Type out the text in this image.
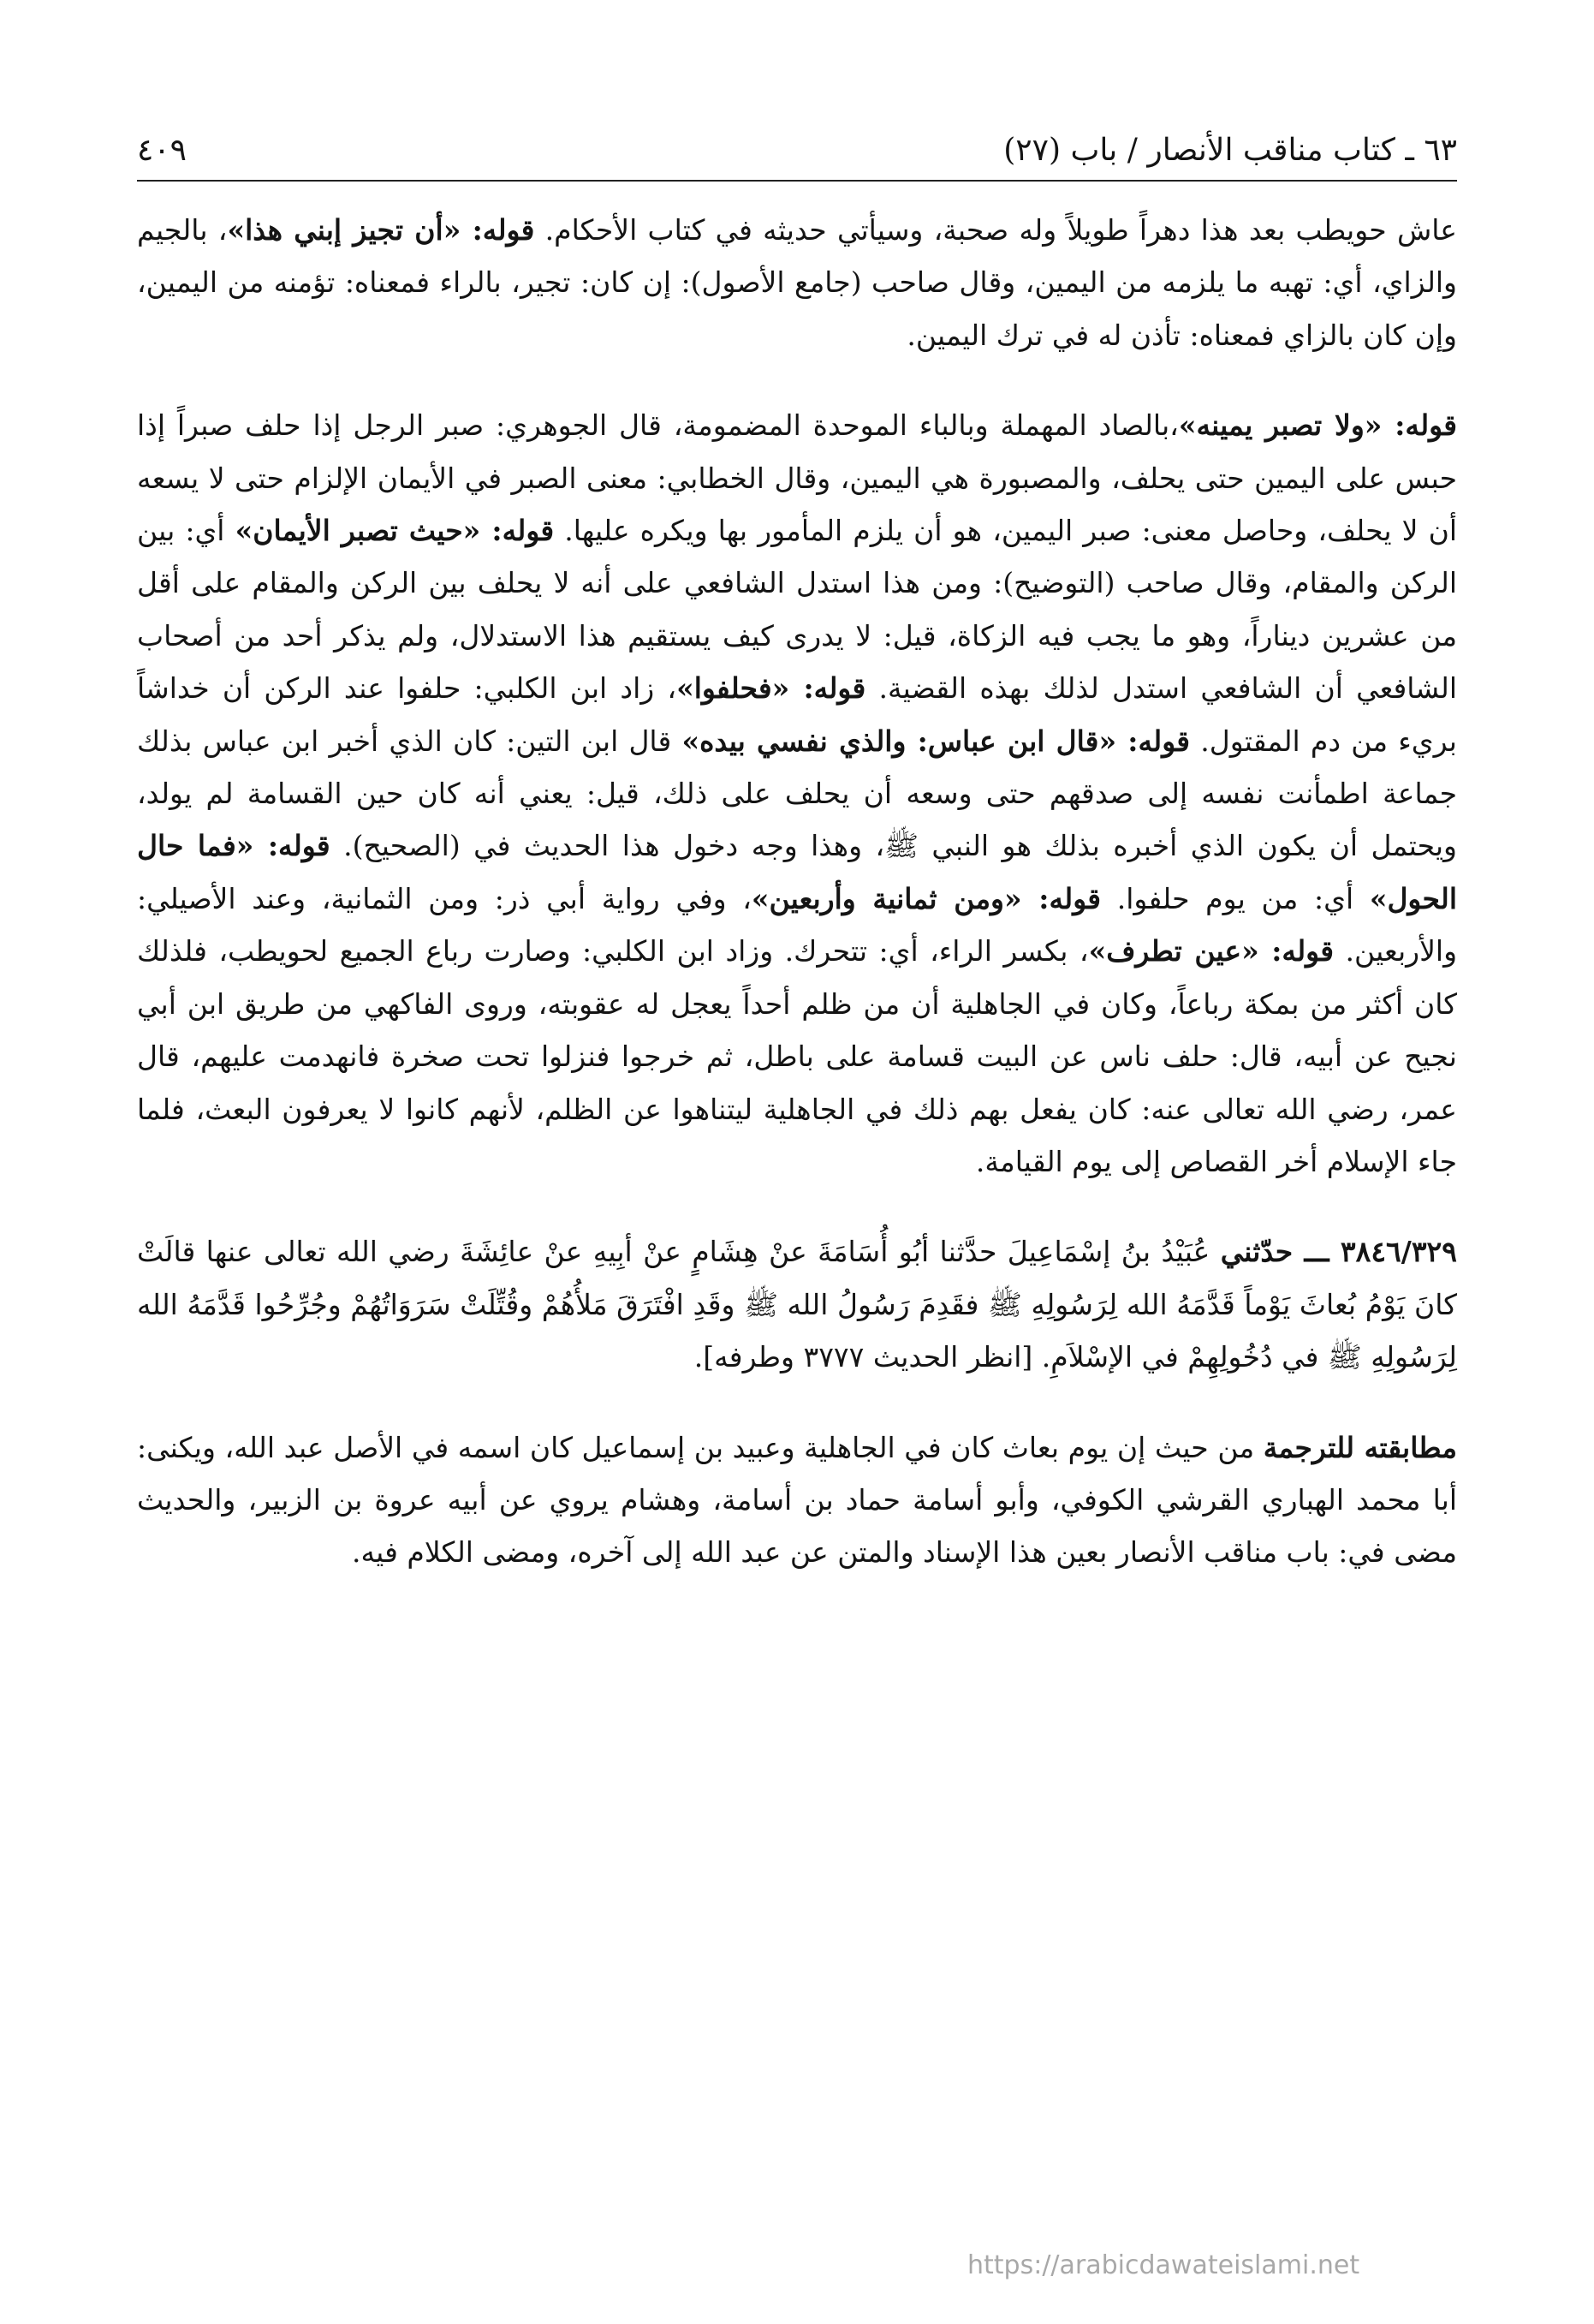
٦٣ ـ كتاب مناقب الأنصار / باب (٢٧)
٤٠٩

عاش حويطب بعد هذا دهراً طويلاً وله صحبة، وسيأتي حديثه في كتاب الأحكام. قوله: «أن تجيز إبني هذا»، بالجيم والزاي، أي: تهبه ما يلزمه من اليمين، وقال صاحب (جامع الأصول): إن كان: تجير، بالراء فمعناه: تؤمنه من اليمين، وإن كان بالزاي فمعناه: تأذن له في ترك اليمين.

قوله: «ولا تصبر يمينه»،بالصاد المهملة وبالباء الموحدة المضمومة، قال الجوهري: صبر الرجل إذا حلف صبراً إذا حبس على اليمين حتى يحلف، والمصبورة هي اليمين، وقال الخطابي: معنى الصبر في الأيمان الإلزام حتى لا يسعه أن لا يحلف، وحاصل معنى: صبر اليمين، هو أن يلزم المأمور بها ويكره عليها. قوله: «حيث تصبر الأيمان» أي: بين الركن والمقام، وقال صاحب (التوضيح): ومن هذا استدل الشافعي على أنه لا يحلف بين الركن والمقام على أقل من عشرين ديناراً، وهو ما يجب فيه الزكاة، قيل: لا يدرى كيف يستقيم هذا الاستدلال، ولم يذكر أحد من أصحاب الشافعي أن الشافعي استدل لذلك بهذه القضية. قوله: «فحلفوا»، زاد ابن الكلبي: حلفوا عند الركن أن خداشاً بريء من دم المقتول. قوله: «قال ابن عباس: والذي نفسي بيده» قال ابن التين: كان الذي أخبر ابن عباس بذلك جماعة اطمأنت نفسه إلى صدقهم حتى وسعه أن يحلف على ذلك، قيل: يعني أنه كان حين القسامة لم يولد، ويحتمل أن يكون الذي أخبره بذلك هو النبي ﷺ، وهذا وجه دخول هذا الحديث في (الصحيح). قوله: «فما حال الحول» أي: من يوم حلفوا. قوله: «ومن ثمانية وأربعين»، وفي رواية أبي ذر: ومن الثمانية، وعند الأصيلي: والأربعين. قوله: «عين تطرف»، بكسر الراء، أي: تتحرك. وزاد ابن الكلبي: وصارت رباع الجميع لحويطب، فلذلك كان أكثر من بمكة رباعاً، وكان في الجاهلية أن من ظلم أحداً يعجل له عقوبته، وروى الفاكهي من طريق ابن أبي نجيح عن أبيه، قال: حلف ناس عن البيت قسامة على باطل، ثم خرجوا فنزلوا تحت صخرة فانهدمت عليهم، قال عمر، رضي الله تعالى عنه: كان يفعل بهم ذلك في الجاهلية ليتناهوا عن الظلم، لأنهم كانوا لا يعرفون البعث، فلما جاء الإسلام أخر القصاص إلى يوم القيامة.

٣٨٤٦/٣٢٩ ـــ حدّثني عُبَيْدُ بنُ إسْمَاعِيلَ حدَّثنا أبُو أُسَامَةَ عنْ هِشَامٍ عنْ أبِيهِ عنْ عائِشَةَ رضي الله تعالى عنها قالَتْ كانَ يَوْمُ بُعاثَ يَوْماً قَدَّمَهُ الله لِرَسُولِهِ ﷺ فقَدِمَ رَسُولُ الله ﷺ وقَدِ افْتَرَقَ مَلأُهُمْ وقُتِّلَتْ سَرَوَاتُهُمْ وجُرِّحُوا قَدَّمَهُ الله لِرَسُولِهِ ﷺ في دُخُولِهِمْ في الإسْلاَمِ. [انظر الحديث ٣٧٧٧ وطرفه].

مطابقته للترجمة من حيث إن يوم بعاث كان في الجاهلية وعبيد بن إسماعيل كان اسمه في الأصل عبد الله، ويكنى: أبا محمد الهباري القرشي الكوفي، وأبو أسامة حماد بن أسامة، وهشام يروي عن أبيه عروة بن الزبير، والحديث مضى في: باب مناقب الأنصار بعين هذا الإسناد والمتن عن عبد الله إلى آخره، ومضى الكلام فيه.

https://arabicdawateislami.net
